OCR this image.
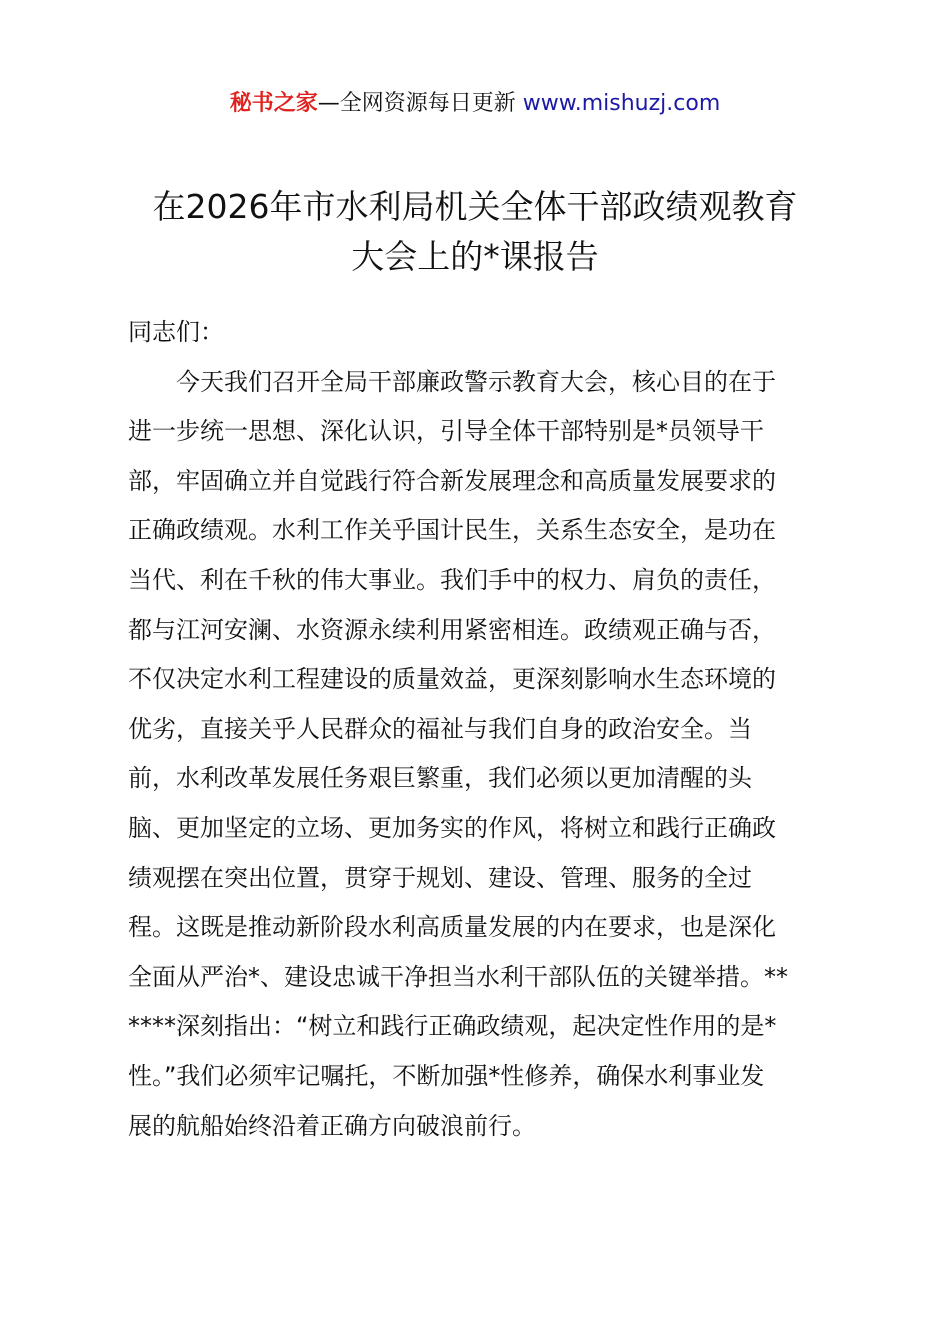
秘书之家—全网资源每日更新 www.mishuzj.com
在2026年市水利局机关全体干部政绩观教育
大会上的*课报告

同志们：

今天我们召开全局干部廉政警示教育大会，核心目的在于
进一步统一思想、深化认识，引导全体干部特别是*员领导干
部，牢固确立并自觉践行符合新发展理念和高质量发展要求的
正确政绩观。水利工作关乎国计民生，关系生态安全，是功在
当代、利在千秋的伟大事业。我们手中的权力、肩负的责任，
都与江河安澜、水资源永续利用紧密相连。政绩观正确与否，
不仅决定水利工程建设的质量效益，更深刻影响水生态环境的
优劣，直接关乎人民群众的福祉与我们自身的政治安全。当
前，水利改革发展任务艰巨繁重，我们必须以更加清醒的头
脑、更加坚定的立场、更加务实的作风，将树立和践行正确政
绩观摆在突出位置，贯穿于规划、建设、管理、服务的全过
程。这既是推动新阶段水利高质量发展的内在要求，也是深化
全面从严治*、建设忠诚干净担当水利干部队伍的关键举措。**
****深刻指出：“树立和践行正确政绩观，起决定性作用的是*
性。”我们必须牢记嘱托，不断加强*性修养，确保水利事业发
展的航船始终沿着正确方向破浪前行。
